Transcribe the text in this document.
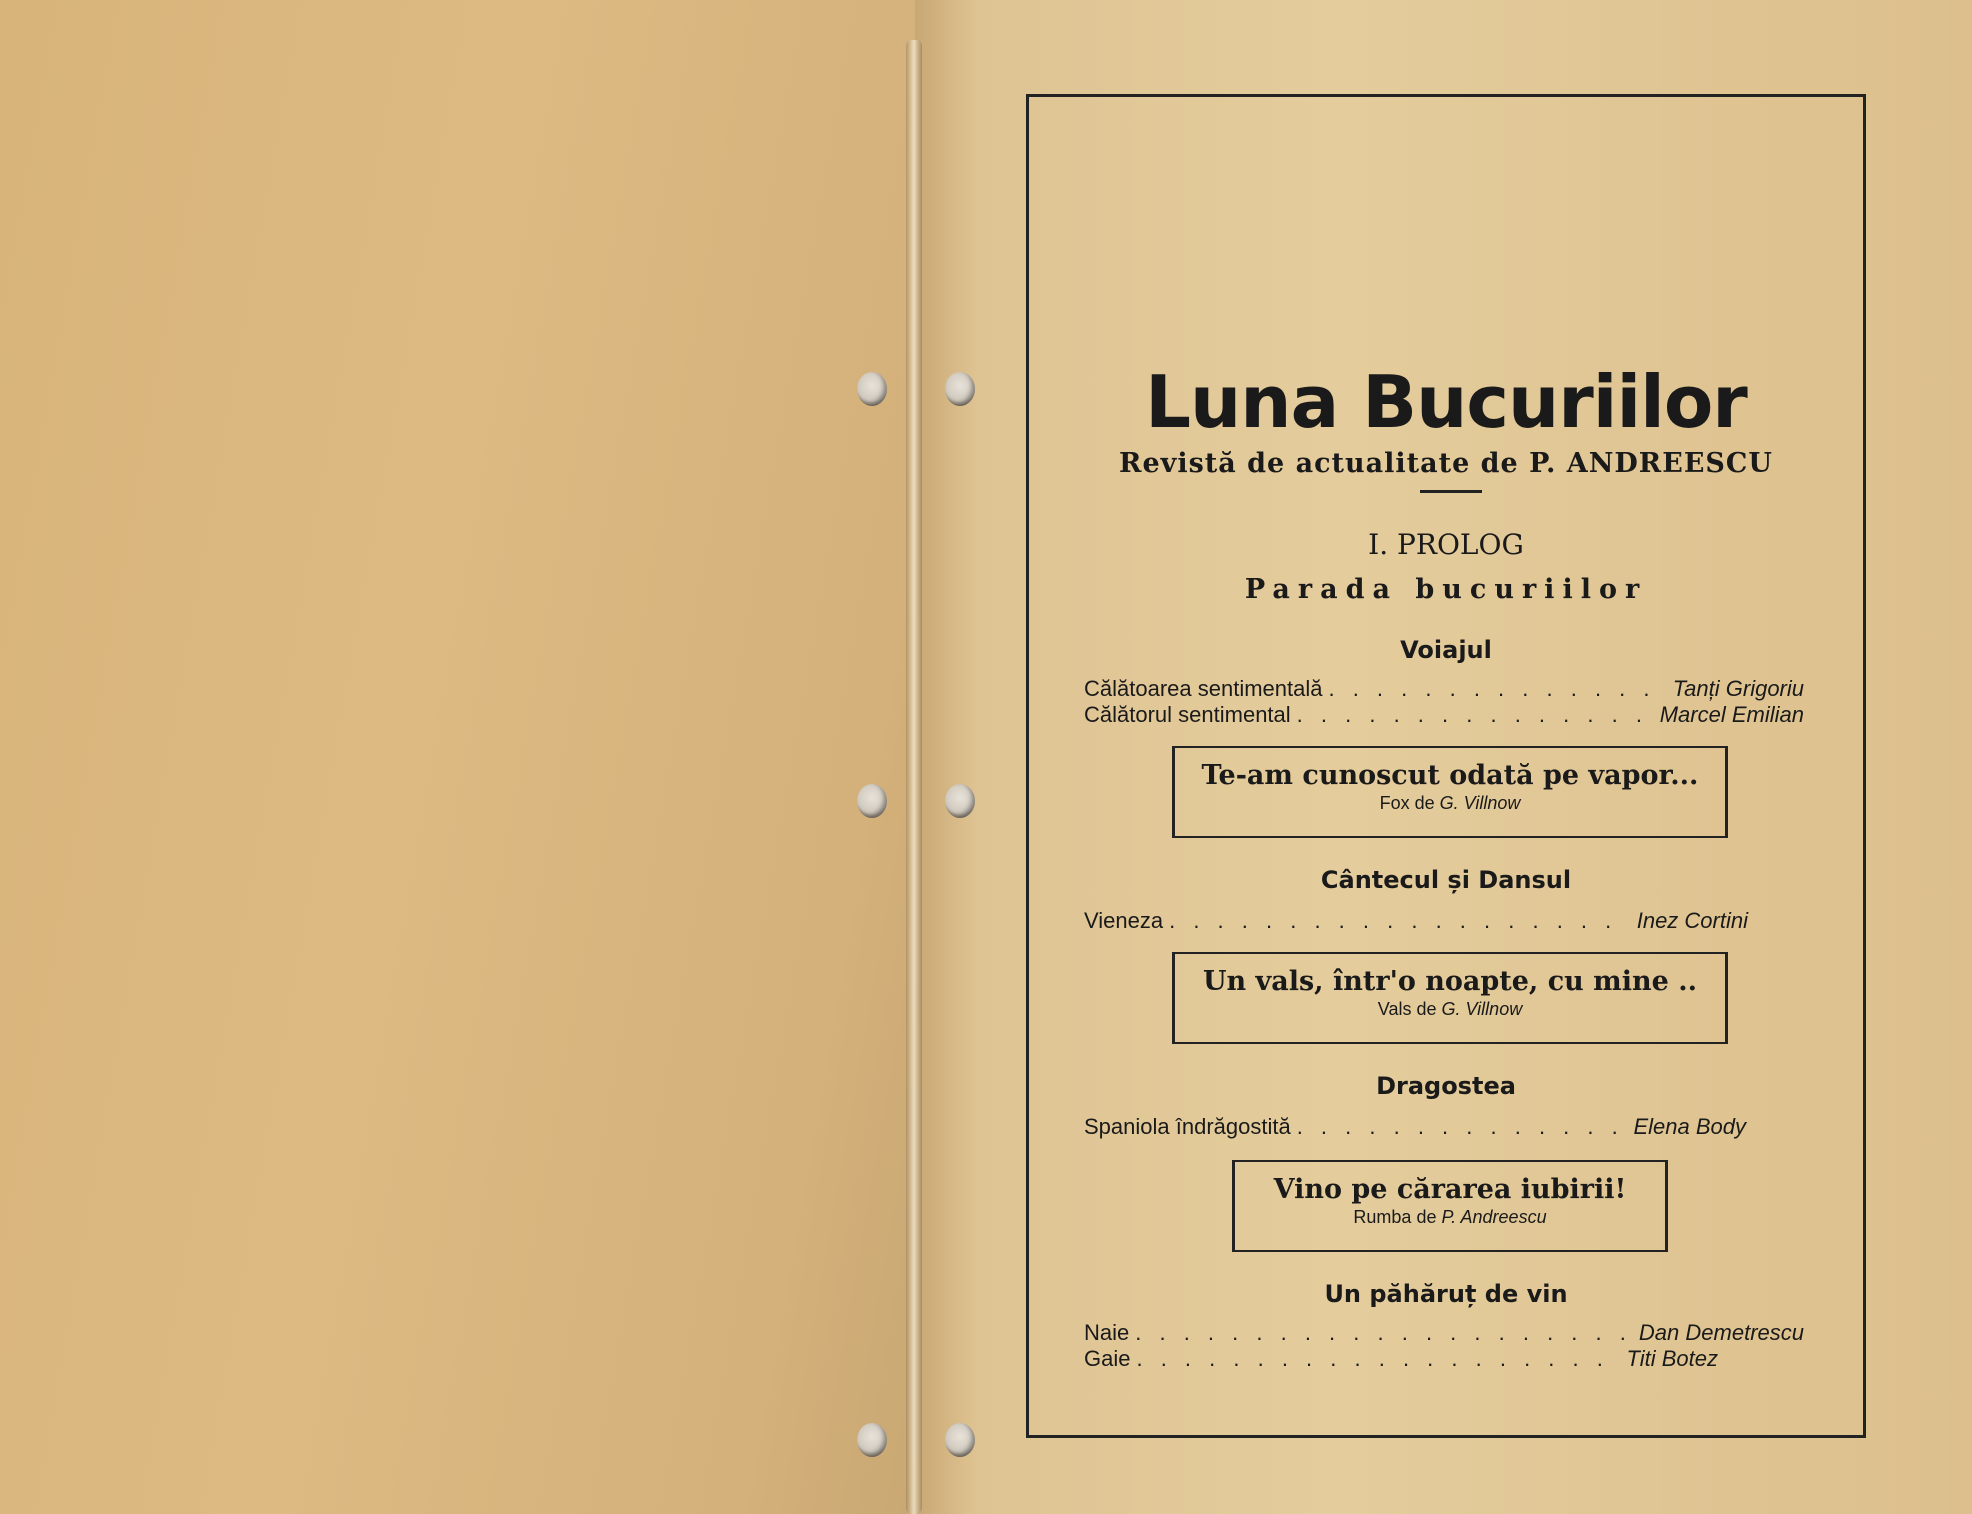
Luna Bucuriilor
Revistă de actualitate de P. ANDREESCU
I. PROLOG
Parada bucuriilor
Voiajul
Călătoarea sentimentală . . .	Tanți Grigoriu
Călătorul sentimental . . .	Marcel Emilian
Te-am cunoscut odată pe vapor...
Fox de G. Villnow
Cântecul și Dansul
Vieneza . . .	Inez Cortini
Un vals, într'o noapte, cu mine ..
Vals de G. Villnow
Dragostea
Spaniola îndrăgostită . . .	Elena Body
Vino pe cărarea iubirii!
Rumba de P. Andreescu
Un păhăruț de vin
Naie . . .	Dan Demetrescu
Gaie . . .	Titi Botez
